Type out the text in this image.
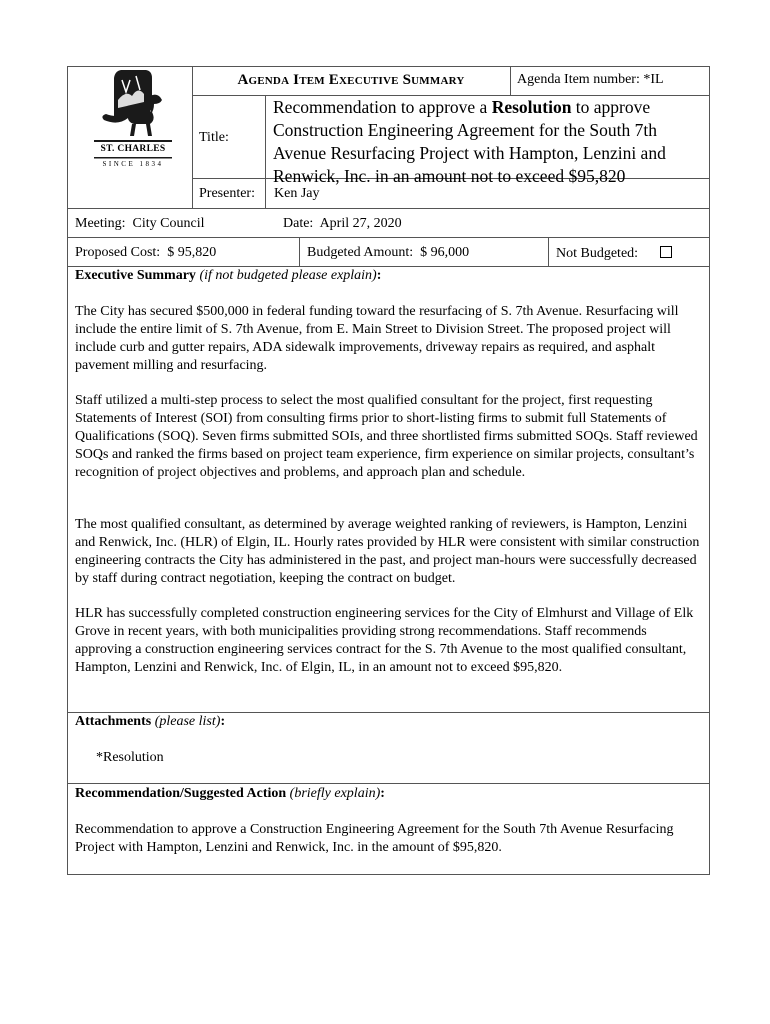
ST. CHARLES
SINCE 1834
Agenda Item Executive Summary	Agenda Item number: *IL
Title:
Recommendation to approve a Resolution to approve Construction Engineering Agreement for the South 7th Avenue Resurfacing Project with Hampton, Lenzini and Renwick, Inc. in an amount not to exceed $95,820
Presenter: Ken Jay
Meeting: City Council	Date: April 27, 2020
Proposed Cost: $ 95,820	Budgeted Amount: $ 96,000	Not Budgeted:
Executive Summary (if not budgeted please explain):
The City has secured $500,000 in federal funding toward the resurfacing of S. 7th Avenue. Resurfacing will include the entire limit of S. 7th Avenue, from E. Main Street to Division Street. The proposed project will include curb and gutter repairs, ADA sidewalk improvements, driveway repairs as required, and asphalt pavement milling and resurfacing.
Staff utilized a multi-step process to select the most qualified consultant for the project, first requesting Statements of Interest (SOI) from consulting firms prior to short-listing firms to submit full Statements of Qualifications (SOQ). Seven firms submitted SOIs, and three shortlisted firms submitted SOQs. Staff reviewed SOQs and ranked the firms based on project team experience, firm experience on similar projects, consultant’s recognition of project objectives and problems, and approach plan and schedule.
The most qualified consultant, as determined by average weighted ranking of reviewers, is Hampton, Lenzini and Renwick, Inc. (HLR) of Elgin, IL. Hourly rates provided by HLR were consistent with similar construction engineering contracts the City has administered in the past, and project man-hours were successfully decreased by staff during contract negotiation, keeping the contract on budget.
HLR has successfully completed construction engineering services for the City of Elmhurst and Village of Elk Grove in recent years, with both municipalities providing strong recommendations. Staff recommends approving a construction engineering services contract for the S. 7th Avenue to the most qualified consultant, Hampton, Lenzini and Renwick, Inc. of Elgin, IL, in an amount not to exceed $95,820.
Attachments (please list):
*Resolution
Recommendation/Suggested Action (briefly explain):
Recommendation to approve a Construction Engineering Agreement for the South 7th Avenue Resurfacing Project with Hampton, Lenzini and Renwick, Inc. in the amount of $95,820.
